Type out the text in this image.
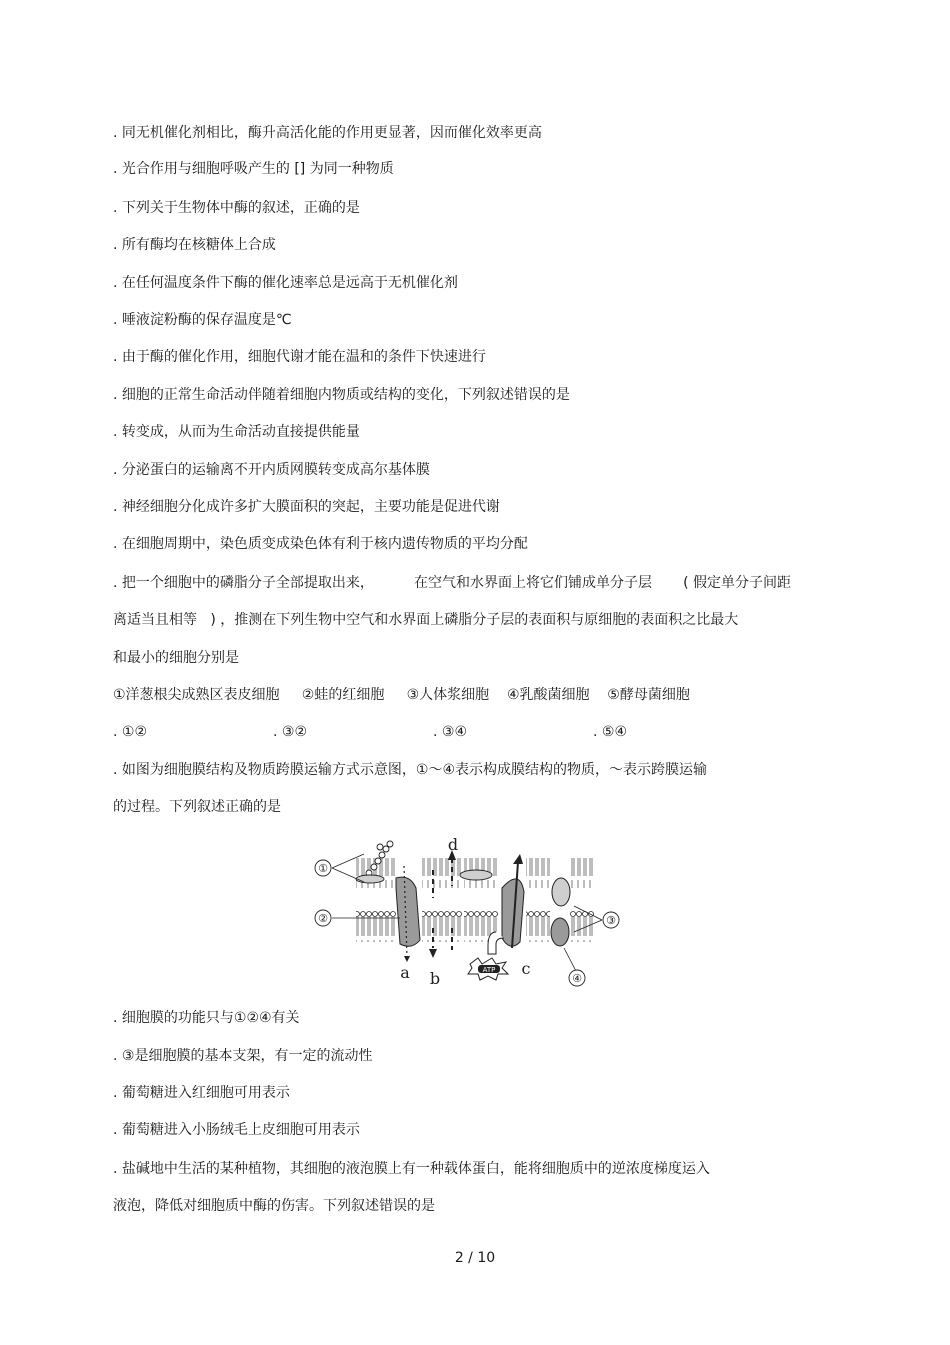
. 同无机催化剂相比，酶升高活化能的作用更显著，因而催化效率更高
. 光合作用与细胞呼吸产生的 [] 为同一种物质
. 下列关于生物体中酶的叙述，正确的是
. 所有酶均在核糖体上合成
. 在任何温度条件下酶的催化速率总是远高于无机催化剂
. 唾液淀粉酶的保存温度是℃
. 由于酶的催化作用，细胞代谢才能在温和的条件下快速进行
. 细胞的正常生命活动伴随着细胞内物质或结构的变化，下列叙述错误的是
. 转变成，从而为生命活动直接提供能量
. 分泌蛋白的运输离不开内质网膜转变成高尔基体膜
. 神经细胞分化成许多扩大膜面积的突起，主要功能是促进代谢
. 在细胞周期中，染色质变成染色体有利于核内遗传物质的平均分配
. 把一个细胞中的磷脂分子全部提取出来，         在空气和水界面上将它们铺成单分子层       ( 假定单分子间距
离适当且相等   ) ，推测在下列生物中空气和水界面上磷脂分子层的表面积与原细胞的表面积之比最大
和最小的细胞分别是
①洋葱根尖成熟区表皮细胞     ②蛙的红细胞     ③人体浆细胞    ④乳酸菌细胞    ⑤酵母菌细胞
. ①②	. ③②	. ③④	. ⑤④
. 如图为细胞膜结构及物质跨膜运输方式示意图，①～④表示构成膜结构的物质，～表示跨膜运输
的过程。下列叙述正确的是
ATP
①
②	③
④
a b
c
d
. 细胞膜的功能只与①②④有关
. ③是细胞膜的基本支架，有一定的流动性
. 葡萄糖进入红细胞可用表示
. 葡萄糖进入小肠绒毛上皮细胞可用表示
. 盐碱地中生活的某种植物，其细胞的液泡膜上有一种载体蛋白，能将细胞质中的逆浓度梯度运入
液泡，降低对细胞质中酶的伤害。下列叙述错误的是
2 / 10
